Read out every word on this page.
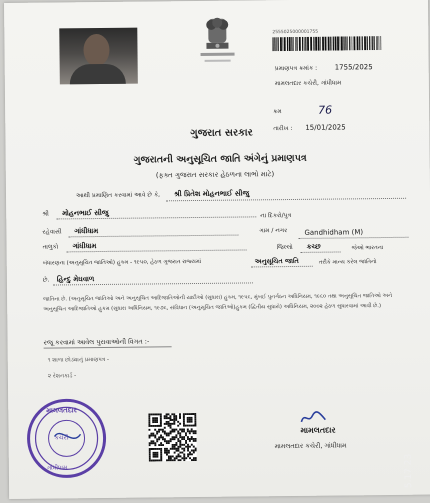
2555025000001755
પ્રમાણપત્ર ક્રમાંક : 1755/2025
મામલતદાર કચેરી, ગાંધીધામ
ક્રમ	76
તારીખ : 15/01/2025
ગુજરાત સરકાર
ગુજરાતની અનુસૂચિત જાતિ અંગેનું પ્રમાણપત્ર
(ફક્ત ગુજરાત સરકાર હેઠળના લાભો માટે)
આથી પ્રમાણિત કરવામાં આવે છે કે, શ્રી પ્રિતેશ મોહનભાઈ સીજુ
શ્રી મોહનભાઈ સીજુ	ના દિકરો/પુત્ર
રહેવાસી ગાંધીધામ	ગામ / નગર Gandhidham (M)
તાલુકો ગાંધીધામ	જિલ્લો કચ્છ	જેઓ ભારતના
બંધારણના (અનુસૂચિત જાતિઓ) હુકમ - ૧૯૫૦, હેઠળ ગુજરાત રાજ્યમાં	અનુસૂચિત જાતિ	તરીકે માન્ય કરેલ જાતિનો
છે. હિન્દુ મેઘવાળ
જાતિના છે. (અનુસૂચિત જાતિઓ અને અનુસૂચિત આદિજાતિઓની યાદીઓ (સુધારા) હુકમ, ૧૯૫૬, મુંબઈ પુનર્ગઠન અધિનિયમ, ૧૯૬૦ તથા અનુસૂચિત જાતિઓ અને અનુસૂચિત આદિજાતિઓ હુકમ (સુધારા અધિનિયમ, ૧૯૭૬, સંવિધાન (અનુસૂચિત જાતિઓ)હુકમ (દ્વિતીય સુધારો) અધિનિયમ, ૨૦૦૨ હેઠળ સુધારવામાં આવી છે.)
રજૂ કરવામાં આવેલ પુરાવાઓની વિગત :-
૧ શાળા છોડ્યાનું પ્રમાણપત્ર -
૨ રેશનકાર્ડ -
મામલતદાર
કચેરી
ગાંધીધામ
મામલતદાર
મામલતદાર કચેરી, ગાંધીધામ
5.17 23
